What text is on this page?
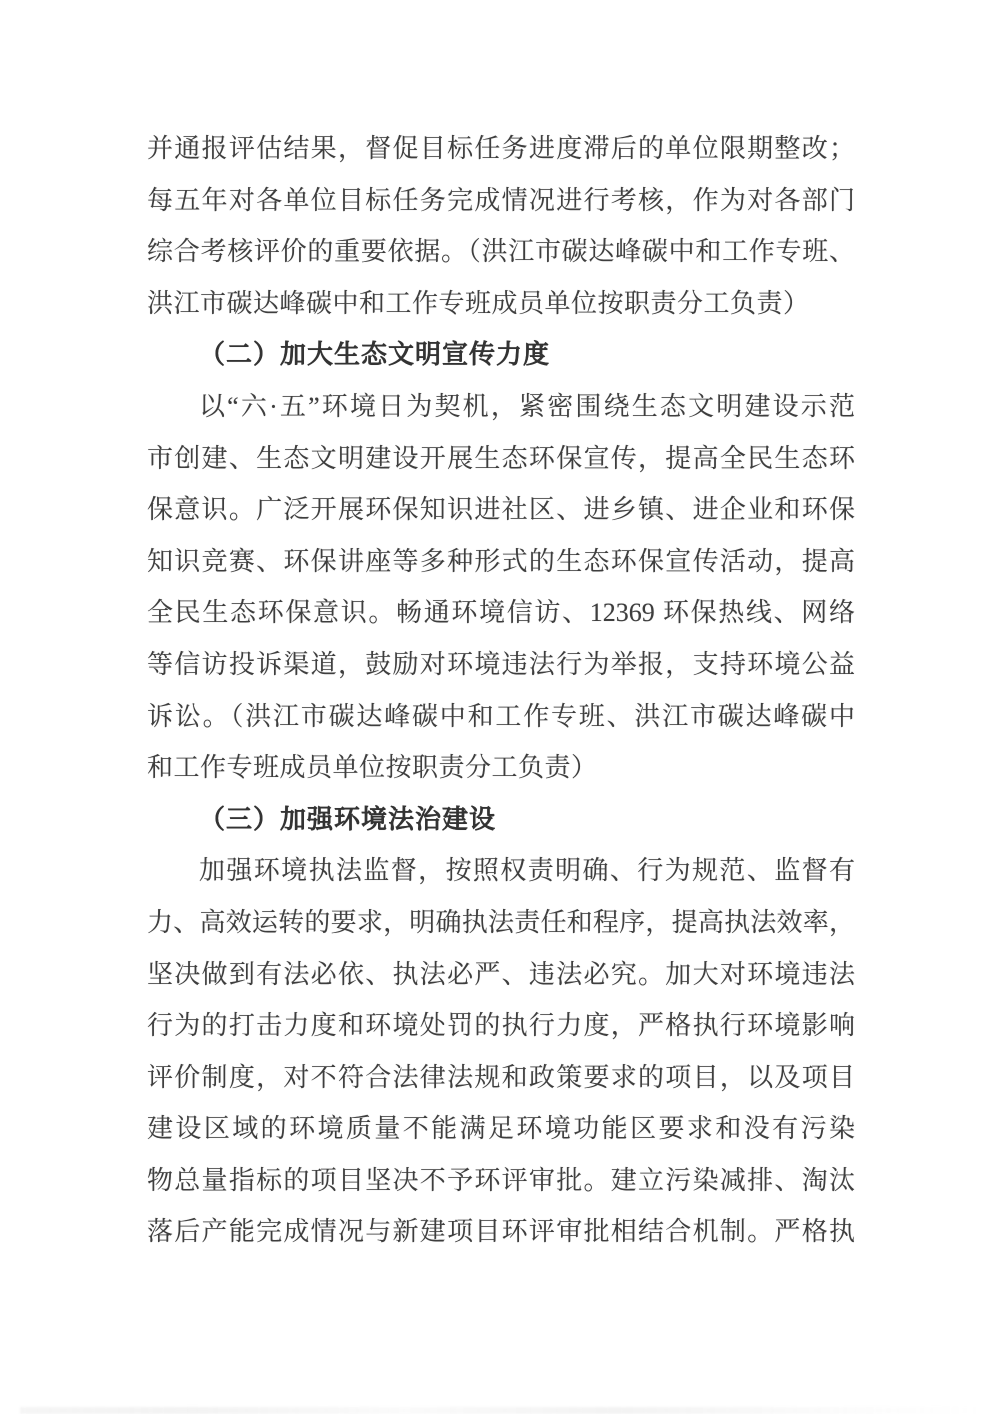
并通报评估结果，督促目标任务进度滞后的单位限期整改；
每五年对各单位目标任务完成情况进行考核，作为对各部门
综合考核评价的重要依据。（洪江市碳达峰碳中和工作专班、
洪江市碳达峰碳中和工作专班成员单位按职责分工负责）
（二）加大生态文明宣传力度
以“六·五”环境日为契机，紧密围绕生态文明建设示范
市创建、生态文明建设开展生态环保宣传，提高全民生态环
保意识。广泛开展环保知识进社区、进乡镇、进企业和环保
知识竞赛、环保讲座等多种形式的生态环保宣传活动，提高
全民生态环保意识。畅通环境信访、12369 环保热线、网络
等信访投诉渠道，鼓励对环境违法行为举报，支持环境公益
诉讼。（洪江市碳达峰碳中和工作专班、洪江市碳达峰碳中
和工作专班成员单位按职责分工负责）
（三）加强环境法治建设
加强环境执法监督，按照权责明确、行为规范、监督有
力、高效运转的要求，明确执法责任和程序，提高执法效率，
坚决做到有法必依、执法必严、违法必究。加大对环境违法
行为的打击力度和环境处罚的执行力度，严格执行环境影响
评价制度，对不符合法律法规和政策要求的项目，以及项目
建设区域的环境质量不能满足环境功能区要求和没有污染
物总量指标的项目坚决不予环评审批。建立污染减排、淘汰
落后产能完成情况与新建项目环评审批相结合机制。严格执
